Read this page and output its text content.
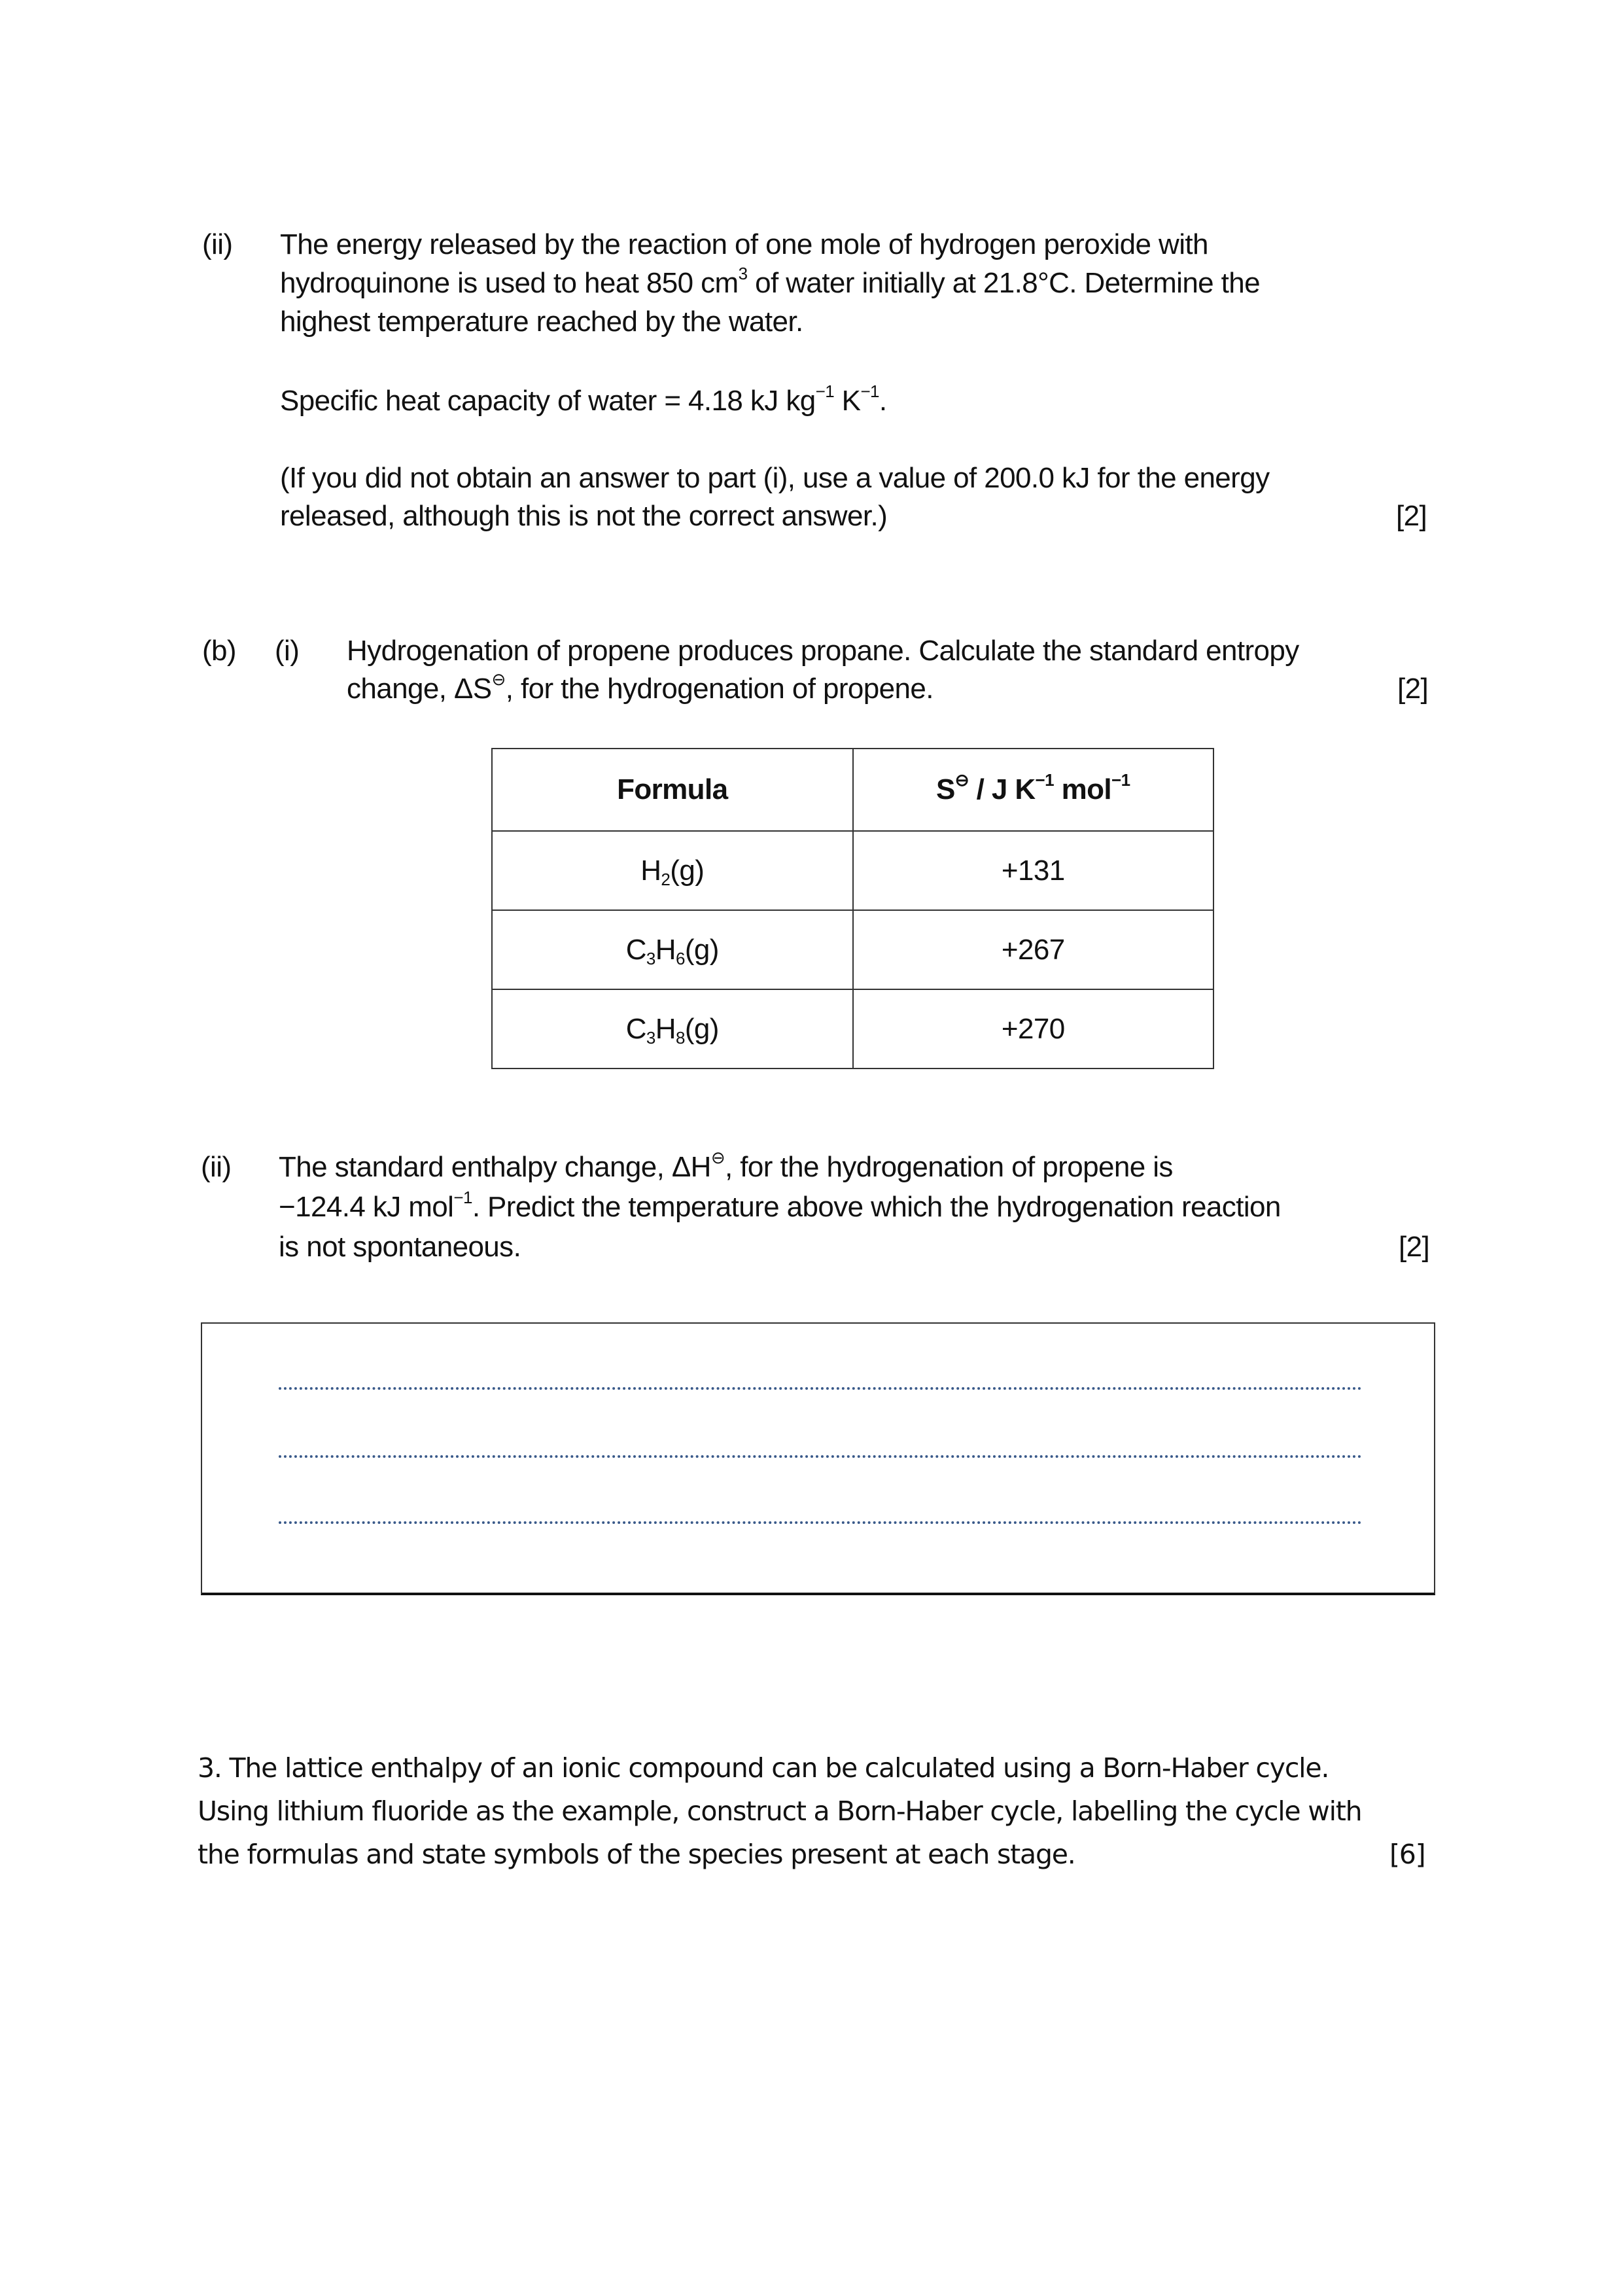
(ii) The energy released by the reaction of one mole of hydrogen peroxide with
hydroquinone is used to heat 850 $cm^3$ of water initially at 21.8°C. Determine the
highest temperature reached by the water.
Specific heat capacity of water = 4.18 kJ $kg^{-1}$ $K^{-1}$.
(If you did not obtain an answer to part (i), use a value of 200.0 kJ for the energy
released, although this is not the correct answer.)	[2]
(b) (i) Hydrogenation of propene produces propane. Calculate the standard entropy
change, ΔS⊖, for the hydrogenation of propene.	[2]
Formula	S⊖ / J $K^{-1}$ mol$^{-1}$
$H_2(g)$	+131
$C_3H_6(g)$	+267
$C_3H_8(g)$	+270
(ii) The standard enthalpy change, ΔH⊖, for the hydrogenation of propene is
−124.4 kJ mol$^{-1}$. Predict the temperature above which the hydrogenation reaction
is not spontaneous.	[2]
3. The lattice enthalpy of an ionic compound can be calculated using a Born-Haber cycle.
Using lithium fluoride as the example, construct a Born-Haber cycle, labelling the cycle with
the formulas and state symbols of the species present at each stage.	[6]
